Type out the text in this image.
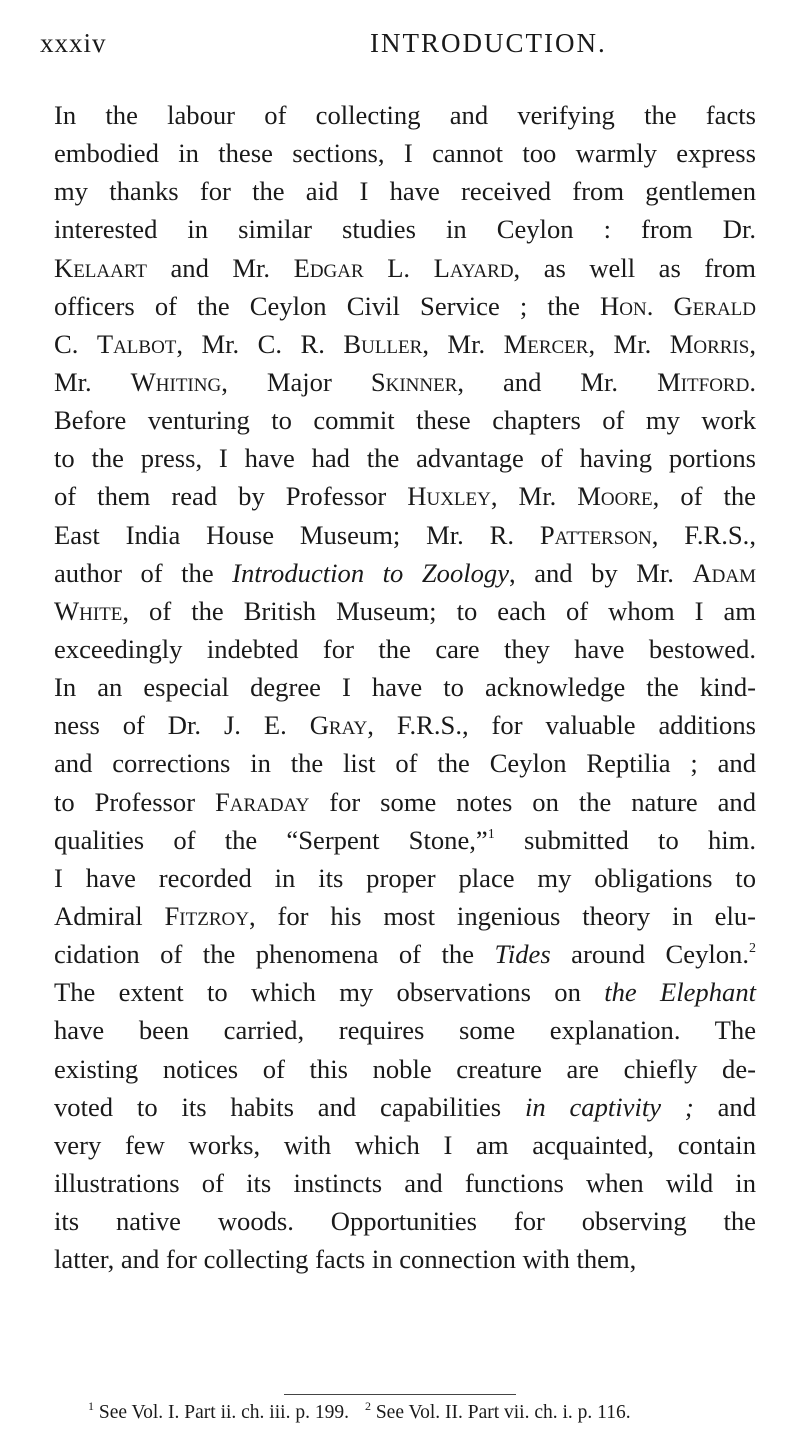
xxxiv	INTRODUCTION.
In the labour of collecting and verifying the facts
embodied in these sections, I cannot too warmly express
my thanks for the aid I have received from gentlemen
interested in similar studies in Ceylon : from Dr.
Kelaart and Mr. Edgar L. Layard, as well as from
officers of the Ceylon Civil Service ; the Hon. Gerald
C. Talbot, Mr. C. R. Buller, Mr. Mercer, Mr. Morris,
Mr. Whiting, Major Skinner, and Mr. Mitford.
Before venturing to commit these chapters of my work
to the press, I have had the advantage of having portions
of them read by Professor Huxley, Mr. Moore, of the
East India House Museum; Mr. R. Patterson, F.R.S.,
author of the Introduction to Zoology, and by Mr. Adam
White, of the British Museum; to each of whom I am
exceedingly indebted for the care they have bestowed.
In an especial degree I have to acknowledge the kind-
ness of Dr. J. E. Gray, F.R.S., for valuable additions
and corrections in the list of the Ceylon Reptilia ; and
to Professor Faraday for some notes on the nature and
qualities of the “Serpent Stone,”$^1$ submitted to him.
I have recorded in its proper place my obligations to
Admiral Fitzroy, for his most ingenious theory in elu-
cidation of the phenomena of the Tides around Ceylon.$^2$
The extent to which my observations on the Elephant
have been carried, requires some explanation. The
existing notices of this noble creature are chiefly de-
voted to its habits and capabilities in captivity ; and
very few works, with which I am acquainted, contain
illustrations of its instincts and functions when wild in
its native woods. Opportunities for observing the
latter, and for collecting facts in connection with them,
$^1$ See Vol. I. Part ii. ch. iii. p. 199. $^2$ See Vol. II. Part vii. ch. i. p. 116.
